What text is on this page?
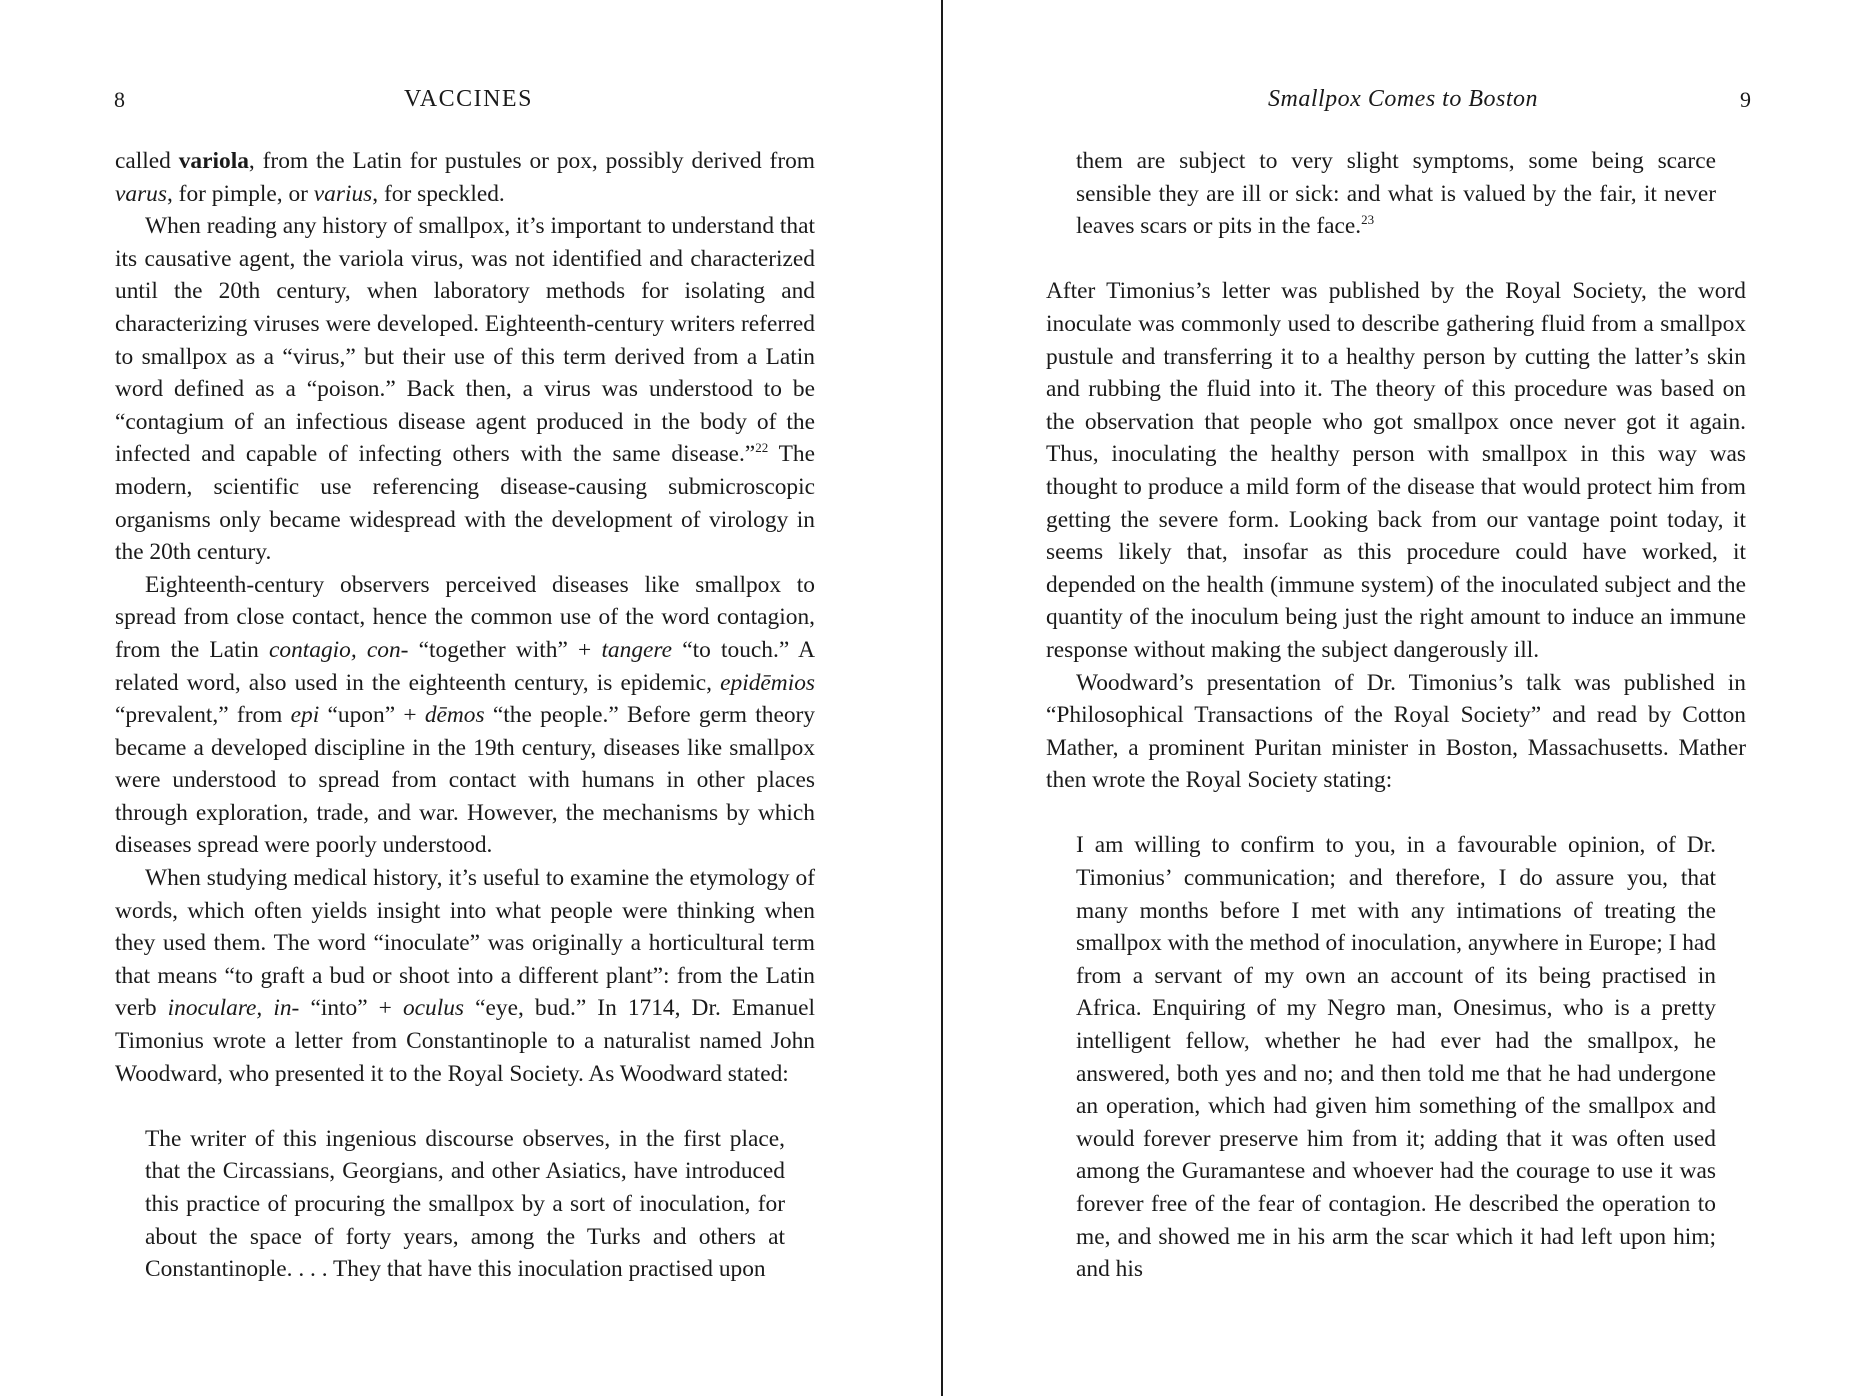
8	VACCINES

called variola, from the Latin for pustules or pox, possibly derived from varus, for pimple, or varius, for speckled.

When reading any history of smallpox, it’s important to understand that its causative agent, the variola virus, was not identified and characterized until the 20th century, when laboratory methods for isolating and characterizing viruses were developed. Eighteenth-century writers referred to smallpox as a “virus,” but their use of this term derived from a Latin word defined as a “poison.” Back then, a virus was understood to be “contagium of an infectious disease agent produced in the body of the infected and capable of infecting others with the same disease.”$^{22}$ The modern, scientific use referencing disease-causing submicroscopic organisms only became widespread with the development of virology in the 20th century.

Eighteenth-century observers perceived diseases like smallpox to spread from close contact, hence the common use of the word contagion, from the Latin contagio, con- “together with” + tangere “to touch.” A related word, also used in the eighteenth century, is epidemic, epidēmios “prevalent,” from epi “upon” + dēmos “the people.” Before germ theory became a developed discipline in the 19th century, diseases like smallpox were understood to spread from contact with humans in other places through exploration, trade, and war. However, the mechanisms by which diseases spread were poorly understood.

When studying medical history, it’s useful to examine the etymology of words, which often yields insight into what people were thinking when they used them. The word “inoculate” was originally a horticultural term that means “to graft a bud or shoot into a different plant”: from the Latin verb inoculare, in- “into” + oculus “eye, bud.” In 1714, Dr. Emanuel Timonius wrote a letter from Constantinople to a naturalist named John Woodward, who presented it to the Royal Society. As Woodward stated:

The writer of this ingenious discourse observes, in the first place, that the Circassians, Georgians, and other Asiatics, have introduced this practice of procuring the smallpox by a sort of inoculation, for about the space of forty years, among the Turks and others at Constantinople. . . . They that have this inoculation practised upon

Smallpox Comes to Boston	9

them are subject to very slight symptoms, some being scarce sensible they are ill or sick: and what is valued by the fair, it never leaves scars or pits in the face.$^{23}$

After Timonius’s letter was published by the Royal Society, the word inoculate was commonly used to describe gathering fluid from a smallpox pustule and transferring it to a healthy person by cutting the latter’s skin and rubbing the fluid into it. The theory of this procedure was based on the observation that people who got smallpox once never got it again. Thus, inoculating the healthy person with smallpox in this way was thought to produce a mild form of the disease that would protect him from getting the severe form. Looking back from our vantage point today, it seems likely that, insofar as this procedure could have worked, it depended on the health (immune system) of the inoculated subject and the quantity of the inoculum being just the right amount to induce an immune response without making the subject dangerously ill.

Woodward’s presentation of Dr. Timonius’s talk was published in “Philosophical Transactions of the Royal Society” and read by Cotton Mather, a prominent Puritan minister in Boston, Massachusetts. Mather then wrote the Royal Society stating:

I am willing to confirm to you, in a favourable opinion, of Dr. Timonius’ communication; and therefore, I do assure you, that many months before I met with any intimations of treating the smallpox with the method of inoculation, anywhere in Europe; I had from a servant of my own an account of its being practised in Africa. Enquiring of my Negro man, Onesimus, who is a pretty intelligent fellow, whether he had ever had the smallpox, he answered, both yes and no; and then told me that he had undergone an operation, which had given him something of the smallpox and would forever preserve him from it; adding that it was often used among the Guramantese and whoever had the courage to use it was forever free of the fear of contagion. He described the operation to me, and showed me in his arm the scar which it had left upon him; and his
